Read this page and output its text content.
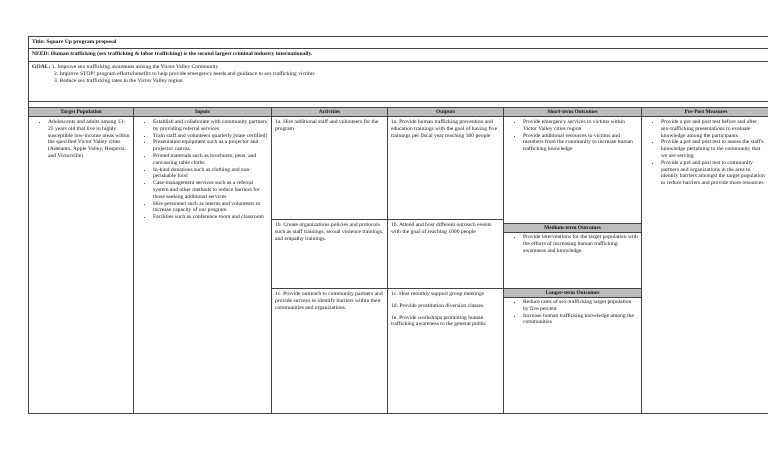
Title: Square Up program proposal
NEED: Human trafficking (sex trafficking & labor trafficking) is the second largest criminal industry internationally.
GOAL: 1. Improve sex trafficking awareness among the Victor Valley Community
2. Improve STOP! program efforts/benefits to help provide emergency needs and guidance to sex trafficking victims
3. Reduce sex trafficking rates in the Victor Valley region
Target Population
• Adolescents and adults among 13-25 years old that live in highly susceptible low-income areas within the specified Victor Valley cities (Adelanto, Apple Valley, Hesperia, and Victorville)
Inputs
• Establish and collaborate with community partners by providing referral services
• Train staff and volunteers quarterly (state certified)
• Presentation equipment such as a projector and projector canvas
• Printed materials such as brochures, pens, and canvassing table cloths
• In-kind donations such as clothing and non-perishable food
• Case-management services such as a referral system and other methods to reduce barriers for those seeking additional services
• Hire personnel such as interns and volunteers to increase capacity of our program
• Facilities such as conference room and classroom
Activities
1a. Hire additional staff and volunteers for the program
1b. Create organizations policies and protocols such as staff trainings, sexual violence trainings, and empathy trainings.
1c. Provide outreach to community partners and provide surveys to identify barriers within their communities and organizations.
Outputs
1a. Provide human trafficking prevention and education trainings with the goal of having five trainings per fiscal year reaching 300 people
1b. Attend and host different outreach events with the goal of reaching 1000 people

1c. Host monthly support group meetings

1d. Provide prostitution diversion classes

1e. Provide workshops promoting human trafficking awareness to the general public

Short-term Outcomes
• Provide emergency services to victims within Victor Valley cities region
• Provide additional resources to victims and members from the community to increase human trafficking knowledge
Medium-term Outcomes
• Provide interventions for the target population with the efforts of increasing human trafficking awareness and knowledge.
Longer-term Outcomes
• Reduce rates of sex-trafficking target population by five percent
• Increase human trafficking knowledge among the communities
Pre-Post Measures
• Provide a pre and post test before and after sex-trafficking presentations to evaluate knowledge among the participants
• Provide a pre and post test to assess the staff's knowledge pertaining to the community that we are serving
• Provide a pre and post test to community partners and organizations in the area to identify barriers amongst the target population to reduce barriers and provide more resources
